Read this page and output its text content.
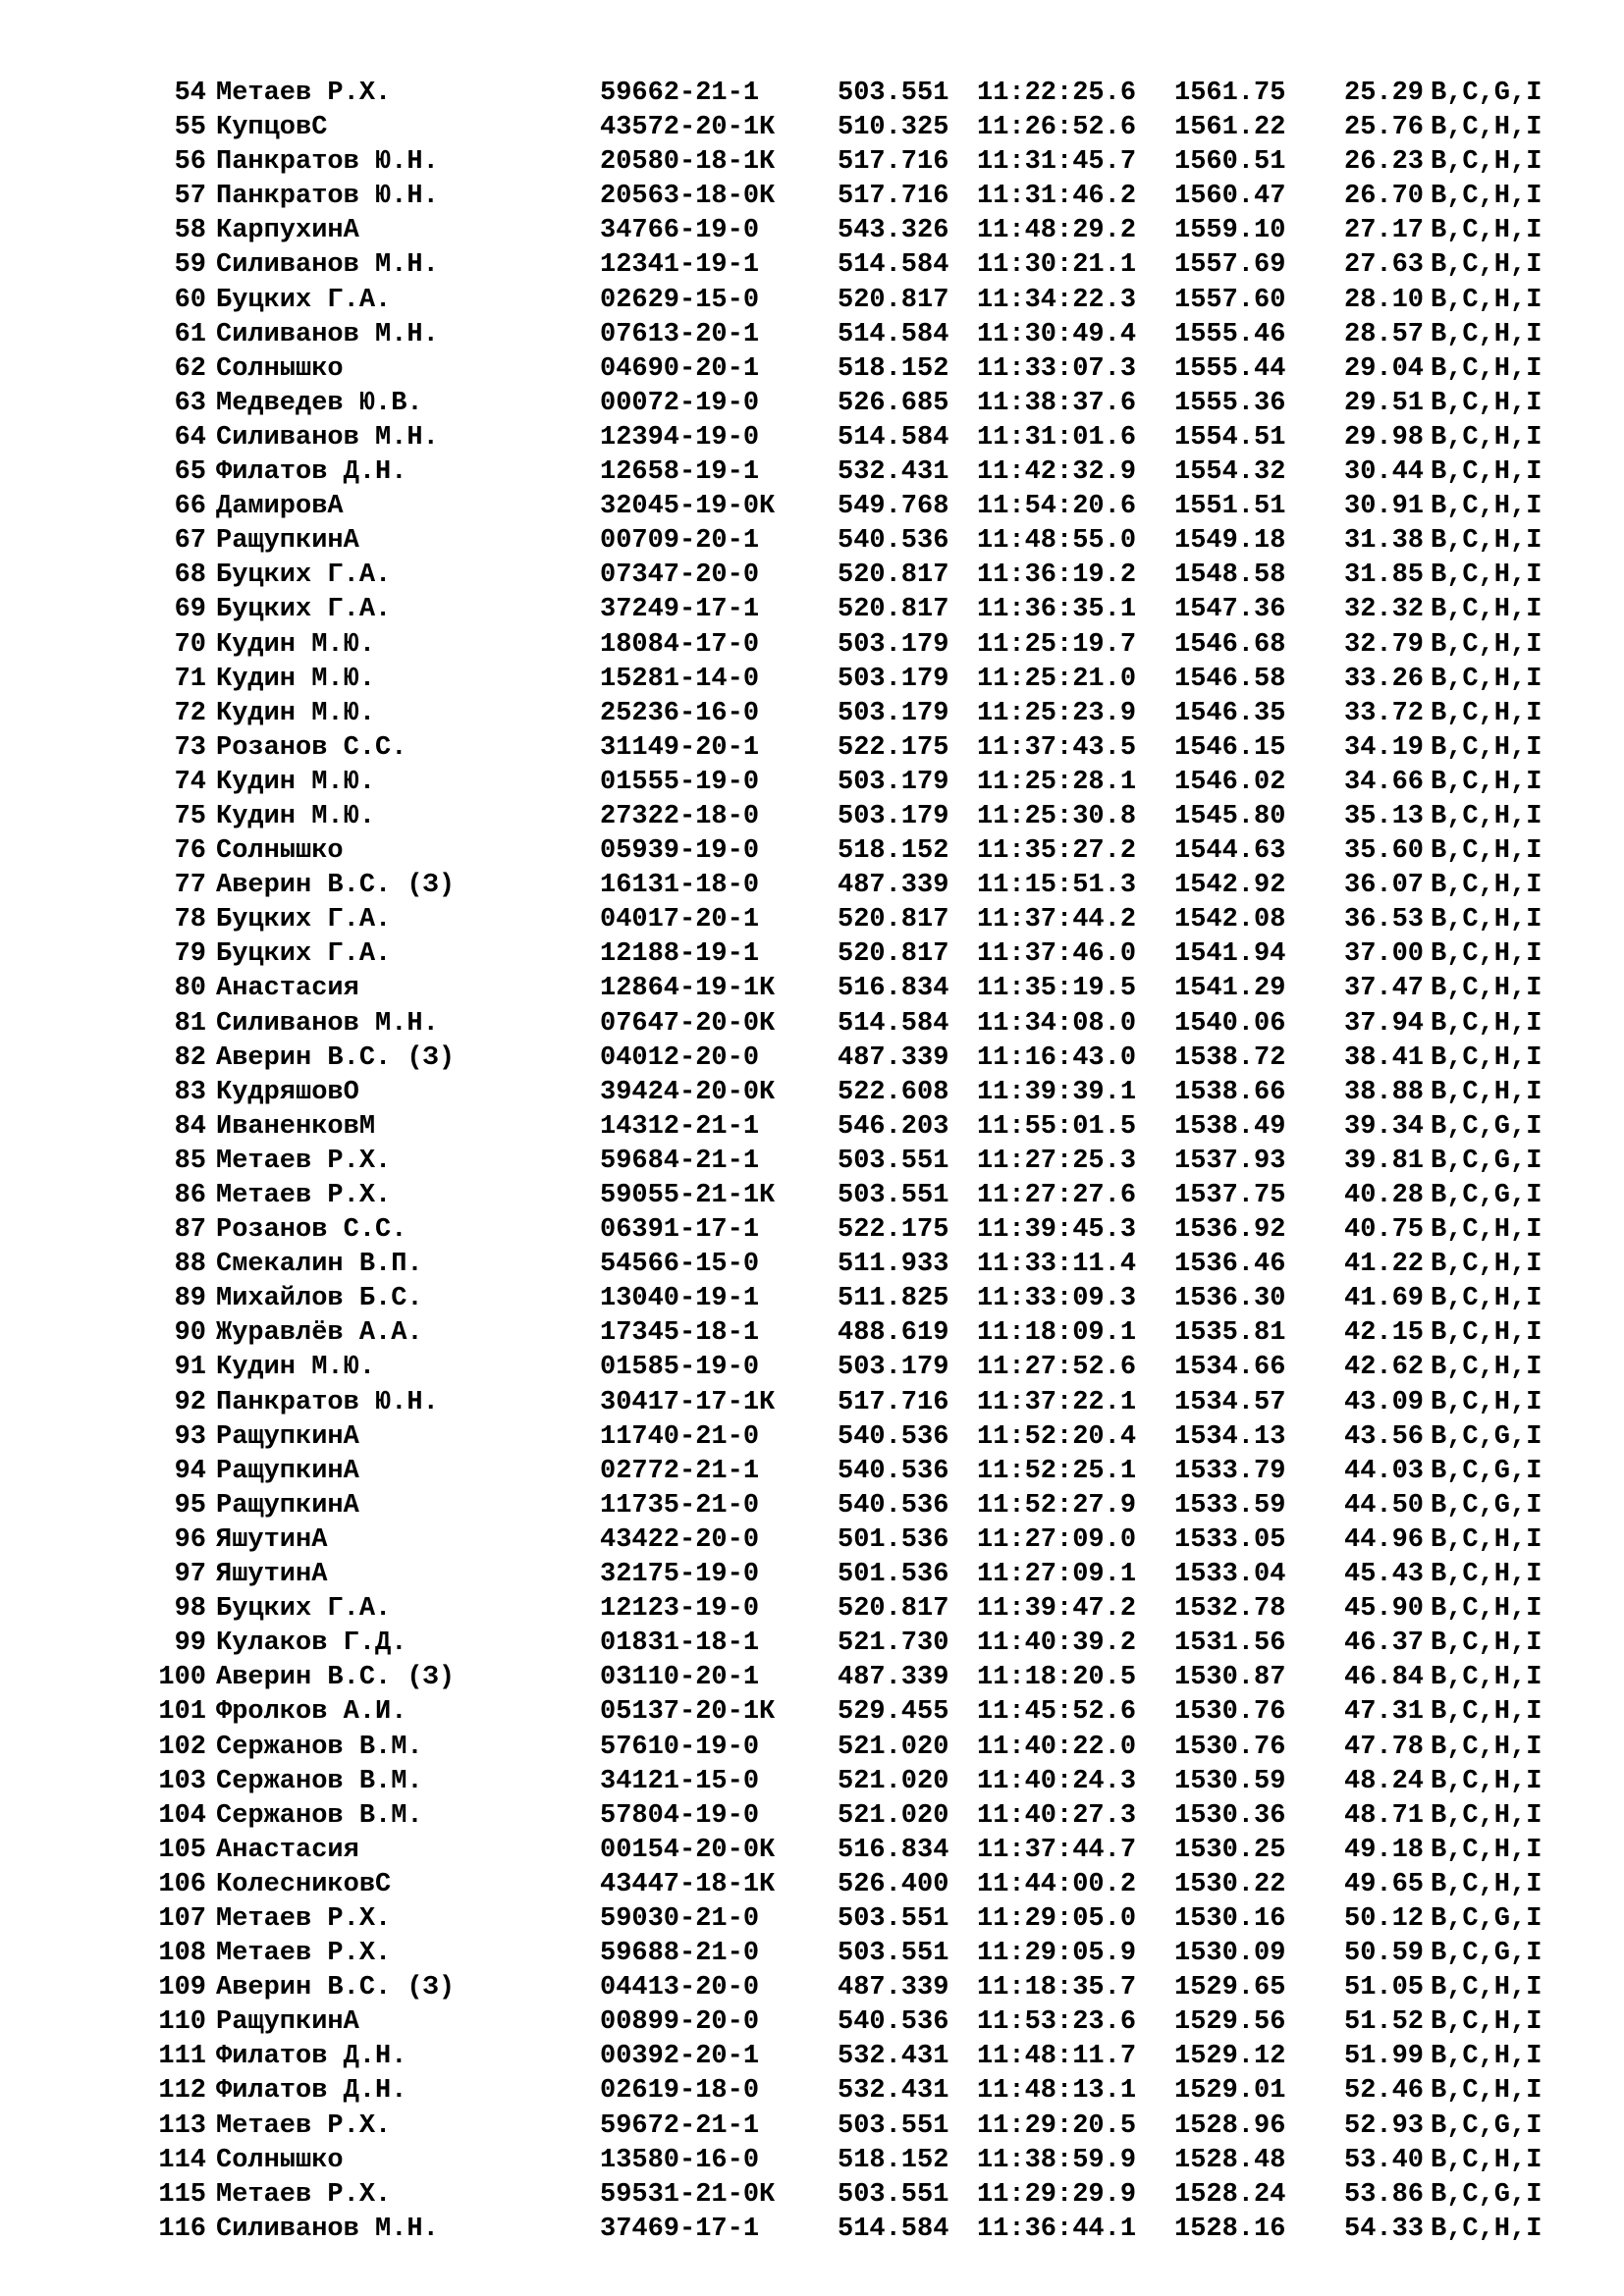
54 Метаев Р.Х.	59662-21-1	503.551 11:22:25.6 1561.75 25.29 B,C,G,I
55 КупцовС	43572-20-1К 510.325 11:26:52.6 1561.22 25.76 B,C,H,I
56 Панкратов Ю.Н.	20580-18-1К 517.716 11:31:45.7 1560.51 26.23 B,C,H,I
57 Панкратов Ю.Н.	20563-18-0К 517.716 11:31:46.2 1560.47 26.70 B,C,H,I
58 КарпухинА	34766-19-0	543.326 11:48:29.2 1559.10 27.17 B,C,H,I
59 Силиванов М.Н.	12341-19-1	514.584 11:30:21.1 1557.69 27.63 B,C,H,I
60 Буцких Г.А.	02629-15-0	520.817 11:34:22.3 1557.60 28.10 B,C,H,I
61 Силиванов М.Н.	07613-20-1	514.584 11:30:49.4 1555.46 28.57 B,C,H,I
62 Солнышко	04690-20-1	518.152 11:33:07.3 1555.44 29.04 B,C,H,I
63 Медведев Ю.В.	00072-19-0	526.685 11:38:37.6 1555.36 29.51 B,C,H,I
64 Силиванов М.Н.	12394-19-0	514.584 11:31:01.6 1554.51 29.98 B,C,H,I
65 Филатов Д.Н.	12658-19-1	532.431 11:42:32.9 1554.32 30.44 B,C,H,I
66 ДамировА	32045-19-0К 549.768 11:54:20.6 1551.51 30.91 B,C,H,I
67 РащупкинА	00709-20-1	540.536 11:48:55.0 1549.18 31.38 B,C,H,I
68 Буцких Г.А.	07347-20-0	520.817 11:36:19.2 1548.58 31.85 B,C,H,I
69 Буцких Г.А.	37249-17-1	520.817 11:36:35.1 1547.36 32.32 B,C,H,I
70 Кудин М.Ю.	18084-17-0	503.179 11:25:19.7 1546.68 32.79 B,C,H,I
71 Кудин М.Ю.	15281-14-0	503.179 11:25:21.0 1546.58 33.26 B,C,H,I
72 Кудин М.Ю.	25236-16-0	503.179 11:25:23.9 1546.35 33.72 B,C,H,I
73 Розанов С.С.	31149-20-1	522.175 11:37:43.5 1546.15 34.19 B,C,H,I
74 Кудин М.Ю.	01555-19-0	503.179 11:25:28.1 1546.02 34.66 B,C,H,I
75 Кудин М.Ю.	27322-18-0	503.179 11:25:30.8 1545.80 35.13 B,C,H,I
76 Солнышко	05939-19-0	518.152 11:35:27.2 1544.63 35.60 B,C,H,I
77 Аверин В.С. (З)	16131-18-0	487.339 11:15:51.3 1542.92 36.07 B,C,H,I
78 Буцких Г.А.	04017-20-1	520.817 11:37:44.2 1542.08 36.53 B,C,H,I
79 Буцких Г.А.	12188-19-1	520.817 11:37:46.0 1541.94 37.00 B,C,H,I
80 Анастасия	12864-19-1К 516.834 11:35:19.5 1541.29 37.47 B,C,H,I
81 Силиванов М.Н.	07647-20-0К 514.584 11:34:08.0 1540.06 37.94 B,C,H,I
82 Аверин В.С. (З)	04012-20-0	487.339 11:16:43.0 1538.72 38.41 B,C,H,I
83 КудряшовО	39424-20-0К 522.608 11:39:39.1 1538.66 38.88 B,C,H,I
84 ИваненковМ	14312-21-1	546.203 11:55:01.5 1538.49 39.34 B,C,G,I
85 Метаев Р.Х.	59684-21-1	503.551 11:27:25.3 1537.93 39.81 B,C,G,I
86 Метаев Р.Х.	59055-21-1К 503.551 11:27:27.6 1537.75 40.28 B,C,G,I
87 Розанов С.С.	06391-17-1	522.175 11:39:45.3 1536.92 40.75 B,C,H,I
88 Смекалин В.П.	54566-15-0	511.933 11:33:11.4 1536.46 41.22 B,C,H,I
89 Михайлов Б.С.	13040-19-1	511.825 11:33:09.3 1536.30 41.69 B,C,H,I
90 Журавлёв А.А.	17345-18-1	488.619 11:18:09.1 1535.81 42.15 B,C,H,I
91 Кудин М.Ю.	01585-19-0	503.179 11:27:52.6 1534.66 42.62 B,C,H,I
92 Панкратов Ю.Н.	30417-17-1К 517.716 11:37:22.1 1534.57 43.09 B,C,H,I
93 РащупкинА	11740-21-0	540.536 11:52:20.4 1534.13 43.56 B,C,G,I
94 РащупкинА	02772-21-1	540.536 11:52:25.1 1533.79 44.03 B,C,G,I
95 РащупкинА	11735-21-0	540.536 11:52:27.9 1533.59 44.50 B,C,G,I
96 ЯшутинА	43422-20-0	501.536 11:27:09.0 1533.05 44.96 B,C,H,I
97 ЯшутинА	32175-19-0	501.536 11:27:09.1 1533.04 45.43 B,C,H,I
98 Буцких Г.А.	12123-19-0	520.817 11:39:47.2 1532.78 45.90 B,C,H,I
99 Кулаков Г.Д.	01831-18-1	521.730 11:40:39.2 1531.56 46.37 B,C,H,I
100 Аверин В.С. (З)	03110-20-1	487.339 11:18:20.5 1530.87 46.84 B,C,H,I
101 Фролков А.И.	05137-20-1К 529.455 11:45:52.6 1530.76 47.31 B,C,H,I
102 Сержанов В.М.	57610-19-0	521.020 11:40:22.0 1530.76 47.78 B,C,H,I
103 Сержанов В.М.	34121-15-0	521.020 11:40:24.3 1530.59 48.24 B,C,H,I
104 Сержанов В.М.	57804-19-0	521.020 11:40:27.3 1530.36 48.71 B,C,H,I
105 Анастасия	00154-20-0К 516.834 11:37:44.7 1530.25 49.18 B,C,H,I
106 КолесниковС	43447-18-1К 526.400 11:44:00.2 1530.22 49.65 B,C,H,I
107 Метаев Р.Х.	59030-21-0	503.551 11:29:05.0 1530.16 50.12 B,C,G,I
108 Метаев Р.Х.	59688-21-0	503.551 11:29:05.9 1530.09 50.59 B,C,G,I
109 Аверин В.С. (З)	04413-20-0	487.339 11:18:35.7 1529.65 51.05 B,C,H,I
110 РащупкинА	00899-20-0	540.536 11:53:23.6 1529.56 51.52 B,C,H,I
111 Филатов Д.Н.	00392-20-1	532.431 11:48:11.7 1529.12 51.99 B,C,H,I
112 Филатов Д.Н.	02619-18-0	532.431 11:48:13.1 1529.01 52.46 B,C,H,I
113 Метаев Р.Х.	59672-21-1	503.551 11:29:20.5 1528.96 52.93 B,C,G,I
114 Солнышко	13580-16-0	518.152 11:38:59.9 1528.48 53.40 B,C,H,I
115 Метаев Р.Х.	59531-21-0К 503.551 11:29:29.9 1528.24 53.86 B,C,G,I
116 Силиванов М.Н.	37469-17-1	514.584 11:36:44.1 1528.16 54.33 B,C,H,I
